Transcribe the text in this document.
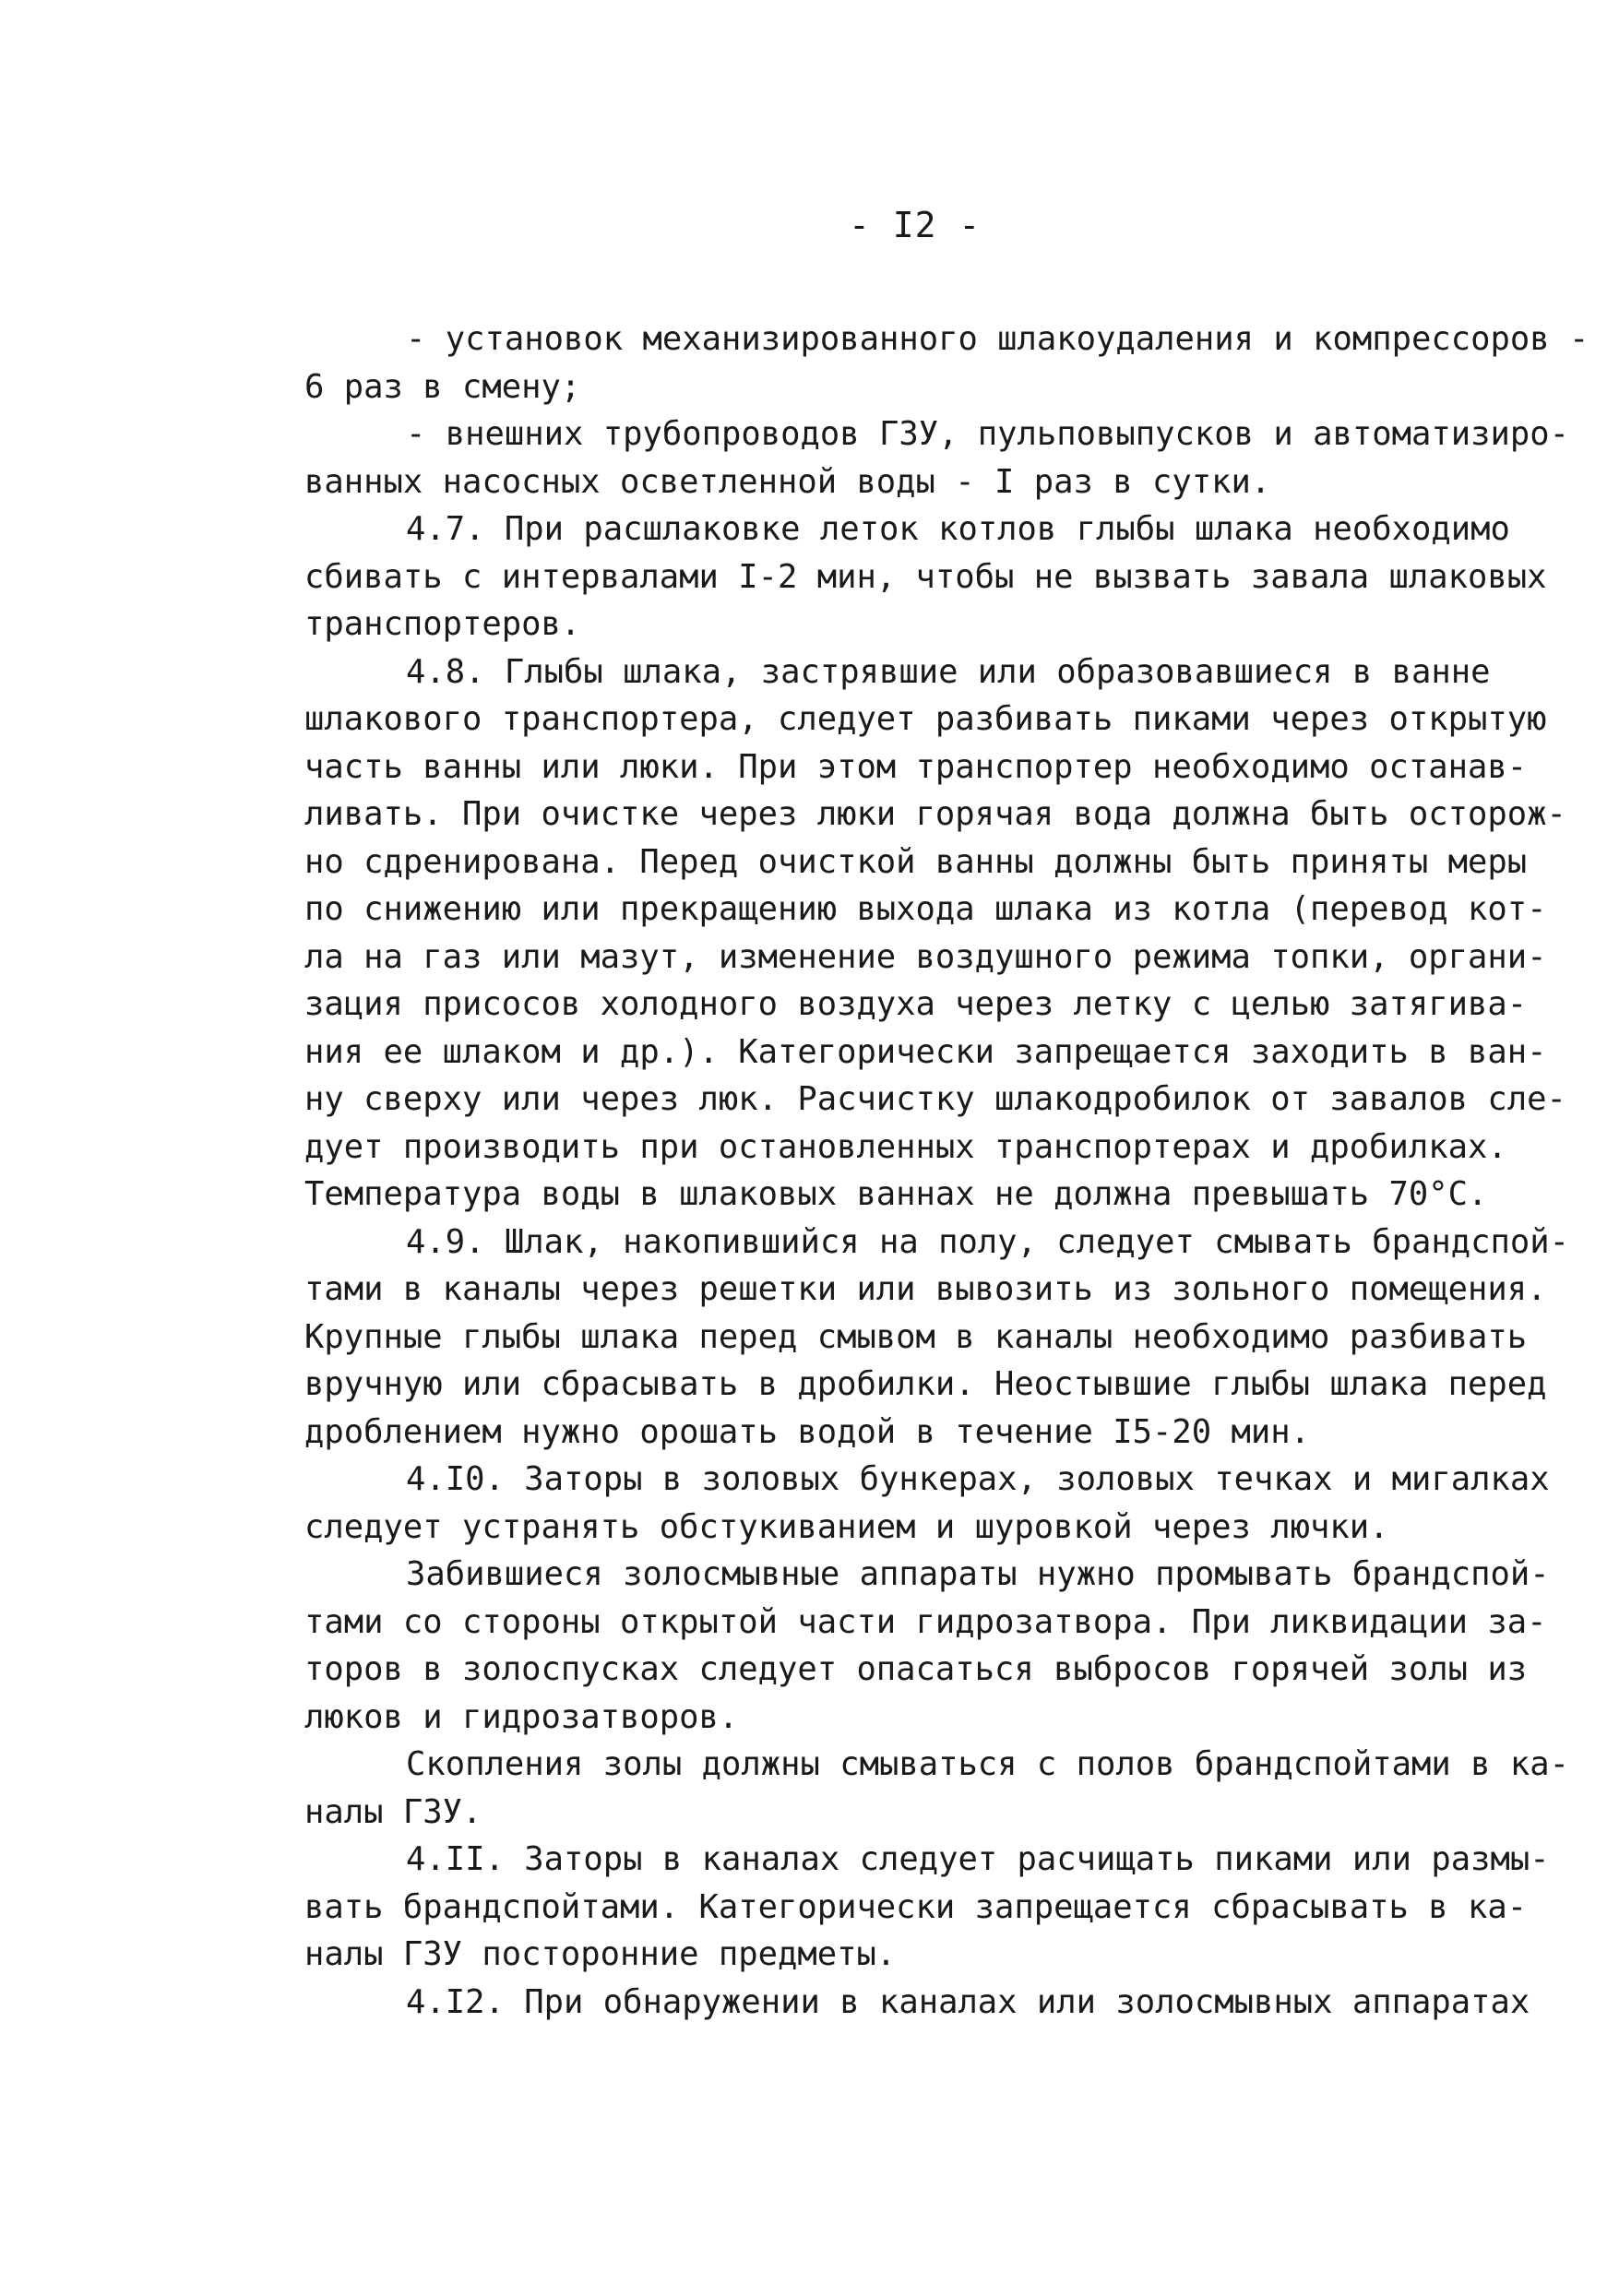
- I2 -
- установок механизированного шлакоудаления и компрессоров -
6 раз в смену;
- внешних трубопроводов ГЗУ, пульповыпусков и автоматизиро-
ванных насосных осветленной воды - I раз в сутки.
4.7. При расшлаковке леток котлов глыбы шлака необходимо
сбивать с интервалами I-2 мин, чтобы не вызвать завала шлаковых
транспортеров.
4.8. Глыбы шлака, застрявшие или образовавшиеся в ванне
шлакового транспортера, следует разбивать пиками через открытую
часть ванны или люки. При этом транспортер необходимо останав-
ливать. При очистке через люки горячая вода должна быть осторож-
но сдренирована. Перед очисткой ванны должны быть приняты меры
по снижению или прекращению выхода шлака из котла (перевод кот-
ла на газ или мазут, изменение воздушного режима топки, органи-
зация присосов холодного воздуха через летку с целью затягива-
ния ее шлаком и др.). Категорически запрещается заходить в ван-
ну сверху или через люк. Расчистку шлакодробилок от завалов сле-
дует производить при остановленных транспортерах и дробилках.
Температура воды в шлаковых ваннах не должна превышать 70°С.
4.9. Шлак, накопившийся на полу, следует смывать брандспой-
тами в каналы через решетки или вывозить из зольного помещения.
Крупные глыбы шлака перед смывом в каналы необходимо разбивать
вручную или сбрасывать в дробилки. Неостывшие глыбы шлака перед
дроблением нужно орошать водой в течение I5-20 мин.
4.I0. Заторы в золовых бункерах, золовых течках и мигалках
следует устранять обстукиванием и шуровкой через лючки.
Забившиеся золосмывные аппараты нужно промывать брандспой-
тами со стороны открытой части гидрозатвора. При ликвидации за-
торов в золоспусках следует опасаться выбросов горячей золы из
люков и гидрозатворов.
Скопления золы должны смываться с полов брандспойтами в ка-
налы ГЗУ.
4.II. Заторы в каналах следует расчищать пиками или размы-
вать брандспойтами. Категорически запрещается сбрасывать в ка-
налы ГЗУ посторонние предметы.
4.I2. При обнаружении в каналах или золосмывных аппаратах
